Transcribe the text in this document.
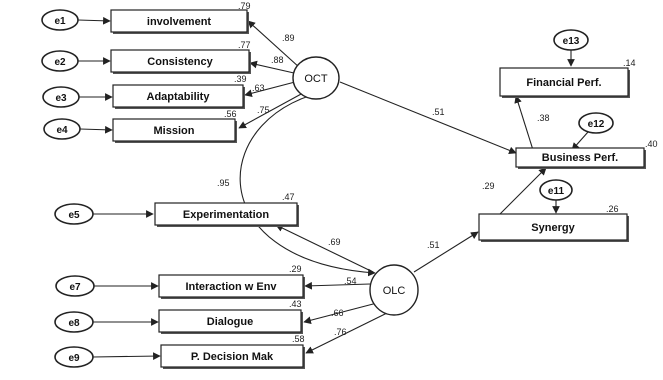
involvement
Consistency
Adaptability
Mission
Experimentation
Interaction w Env
Dialogue
P. Decision Mak
Financial Perf.
Business Perf.
Synergy
OCT
OLC
e1
e2
e3
e4
e5
e7
e8
e9
e11
e12
e13
.79
.77
.39
.56
.47
.29
.43
.58
.14
.40
.26
.89
.88
.63
.75
.95
.51
.69
.54
.66
.76
.51
.29
.38
